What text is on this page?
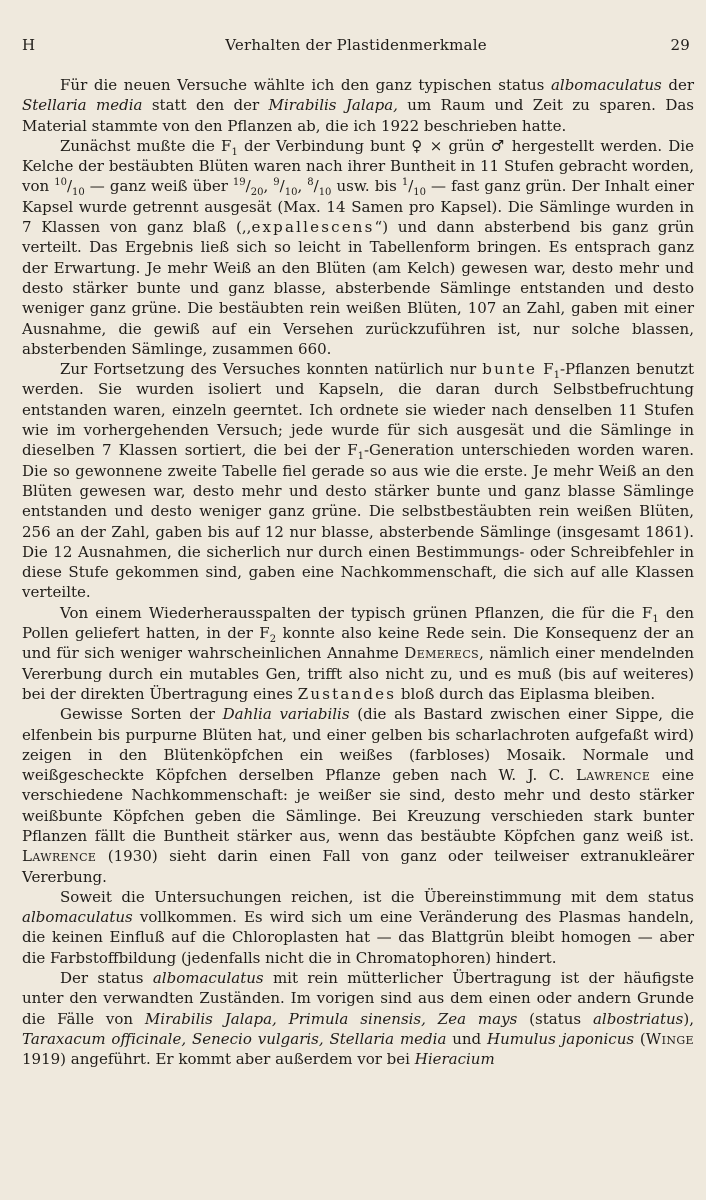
H	Verhalten der Plastidenmerkmale	29

Für die neuen Versuche wählte ich den ganz typischen status albomaculatus der Stellaria media statt den der Mirabilis Jalapa, um Raum und Zeit zu sparen. Das Material stammte von den Pflanzen ab, die ich 1922 beschrieben hatte.

Zunächst mußte die $F_1$ der Verbindung bunt ♀ × grün ♂ hergestellt werden. Die Kelche der bestäubten Blüten waren nach ihrer Buntheit in 11 Stufen gebracht worden, von $^{10}/_{10}$ — ganz weiß über $^{19}/_{20}$, $^9/_{10}$, $^8/_{10}$ usw. bis $^1/_{10}$ — fast ganz grün. Der Inhalt einer Kapsel wurde getrennt ausgesät (Max. 14 Samen pro Kapsel). Die Sämlinge wurden in 7 Klassen von ganz blaß (,,expallescens“) und dann absterbend bis ganz grün verteilt. Das Ergebnis ließ sich so leicht in Tabellenform bringen. Es entsprach ganz der Erwartung. Je mehr Weiß an den Blüten (am Kelch) gewesen war, desto mehr und desto stärker bunte und ganz blasse, absterbende Sämlinge entstanden und desto weniger ganz grüne. Die bestäubten rein weißen Blüten, 107 an Zahl, gaben mit einer Ausnahme, die gewiß auf ein Versehen zurückzuführen ist, nur solche blassen, absterbenden Sämlinge, zusammen 660.

Zur Fortsetzung des Versuches konnten natürlich nur bunte $F_1$-Pflanzen benutzt werden. Sie wurden isoliert und Kapseln, die daran durch Selbstbefruchtung entstanden waren, einzeln geerntet. Ich ordnete sie wieder nach denselben 11 Stufen wie im vorhergehenden Versuch; jede wurde für sich ausgesät und die Sämlinge in dieselben 7 Klassen sortiert, die bei der $F_1$-Generation unterschieden worden waren. Die so gewonnene zweite Tabelle fiel gerade so aus wie die erste. Je mehr Weiß an den Blüten gewesen war, desto mehr und desto stärker bunte und ganz blasse Sämlinge entstanden und desto weniger ganz grüne. Die selbstbestäubten rein weißen Blüten, 256 an der Zahl, gaben bis auf 12 nur blasse, absterbende Sämlinge (insgesamt 1861). Die 12 Ausnahmen, die sicherlich nur durch einen Bestimmungs- oder Schreibfehler in diese Stufe gekommen sind, gaben eine Nachkommenschaft, die sich auf alle Klassen verteilte.

Von einem Wiederherausspalten der typisch grünen Pflanzen, die für die $F_1$ den Pollen geliefert hatten, in der $F_2$ konnte also keine Rede sein. Die Konsequenz der an und für sich weniger wahrscheinlichen Annahme Demerecs, nämlich einer mendelnden Vererbung durch ein mutables Gen, trifft also nicht zu, und es muß (bis auf weiteres) bei der direkten Übertragung eines Zustandes bloß durch das Eiplasma bleiben.

Gewisse Sorten der Dahlia variabilis (die als Bastard zwischen einer Sippe, die elfenbein bis purpurne Blüten hat, und einer gelben bis scharlachroten aufgefaßt wird) zeigen in den Blütenköpfchen ein weißes (farbloses) Mosaik. Normale und weißgescheckte Köpfchen derselben Pflanze geben nach W. J. C. Lawrence eine verschiedene Nachkommenschaft: je weißer sie sind, desto mehr und desto stärker weißbunte Köpfchen geben die Sämlinge. Bei Kreuzung verschieden stark bunter Pflanzen fällt die Buntheit stärker aus, wenn das bestäubte Köpfchen ganz weiß ist. Lawrence (1930) sieht darin einen Fall von ganz oder teilweiser extranukleärer Vererbung.

Soweit die Untersuchungen reichen, ist die Übereinstimmung mit dem status albomaculatus vollkommen. Es wird sich um eine Veränderung des Plasmas handeln, die keinen Einfluß auf die Chloroplasten hat — das Blattgrün bleibt homogen — aber die Farbstoffbildung (jedenfalls nicht die in Chromatophoren) hindert.

Der status albomaculatus mit rein mütterlicher Übertragung ist der häufigste unter den verwandten Zuständen. Im vorigen sind aus dem einen oder andern Grunde die Fälle von Mirabilis Jalapa, Primula sinensis, Zea mays (status albostriatus), Taraxacum officinale, Senecio vulgaris, Stellaria media und Humulus japonicus (Winge 1919) angeführt. Er kommt aber außerdem vor bei Hieracium
